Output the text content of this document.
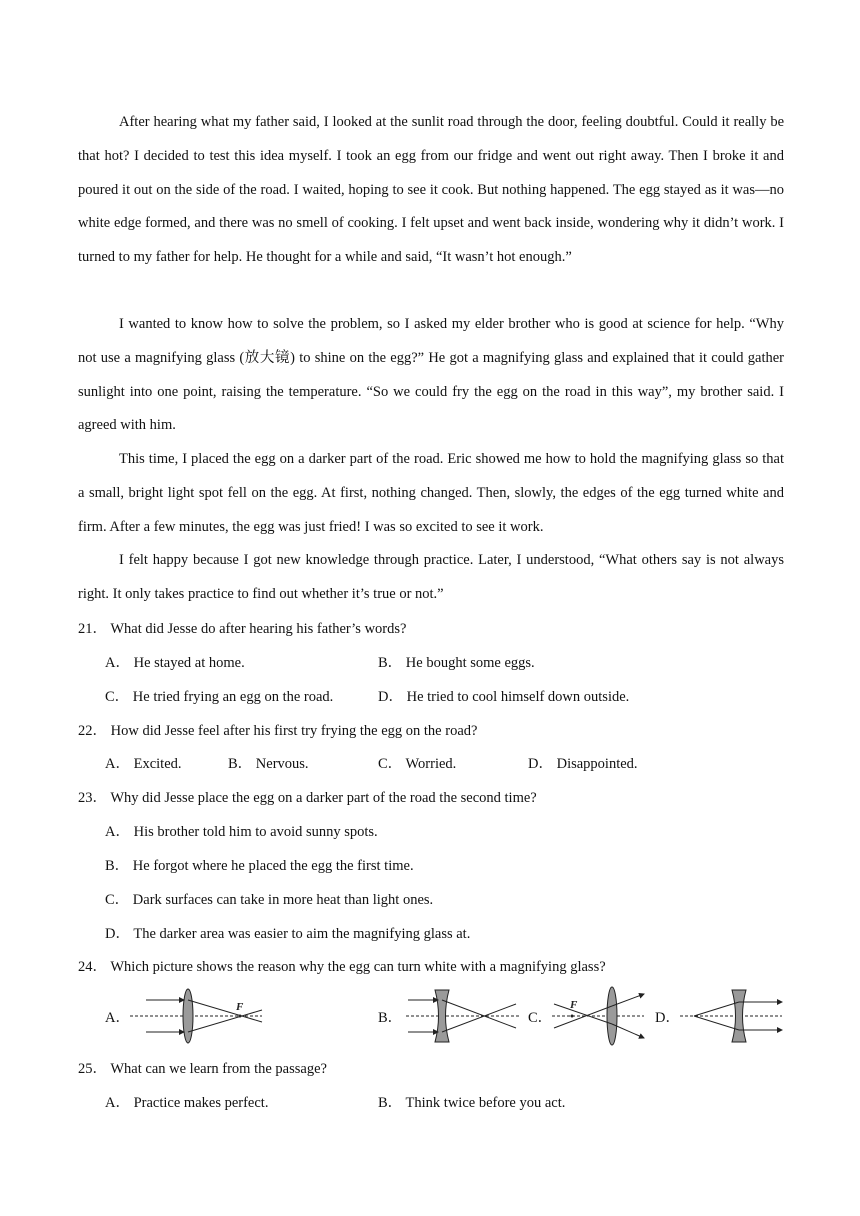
After hearing what my father said, I looked at the sunlit road through the door, feeling doubtful. Could it really be that hot? I decided to test this idea myself. I took an egg from our fridge and went out right away. Then I broke it and poured it out on the side of the road. I waited, hoping to see it cook. But nothing happened. The egg stayed as it was—no white edge formed, and there was no smell of cooking. I felt upset and went back inside, wondering why it didn’t work. I turned to my father for help. He thought for a while and said, “It wasn’t hot enough.”

I wanted to know how to solve the problem, so I asked my elder brother who is good at science for help. “Why not use a magnifying glass (放大镜) to shine on the egg?” He got a magnifying glass and explained that it could gather sunlight into one point, raising the temperature. “So we could fry the egg on the road in this way”, my brother said. I agreed with him.

This time, I placed the egg on a darker part of the road. Eric showed me how to hold the magnifying glass so that a small, bright light spot fell on the egg. At first, nothing changed. Then, slowly, the edges of the egg turned white and firm. After a few minutes, the egg was just fried! I was so excited to see it work.

I felt happy because I got new knowledge through practice. Later, I understood, “What others say is not always right. It only takes practice to find out whether it’s true or not.”

21． What did Jesse do after hearing his father’s words?
A． He stayed at home.	B． He bought some eggs.
C． He tried frying an egg on the road.	D． He tried to cool himself down outside.
22． How did Jesse feel after his first try frying the egg on the road?
A． Excited.	B． Nervous.	C． Worried.	D． Disappointed.
23． Why did Jesse place the egg on a darker part of the road the second time?
A． His brother told him to avoid sunny spots.
B． He forgot where he placed the egg the first time.
C． Dark surfaces can take in more heat than light ones.
D． The darker area was easier to aim the magnifying glass at.
24． Which picture shows the reason why the egg can turn white with a magnifying glass?
A．
F
B．	C．
F
D．
25． What can we learn from the passage?
A． Practice makes perfect.	B． Think twice before you act.
